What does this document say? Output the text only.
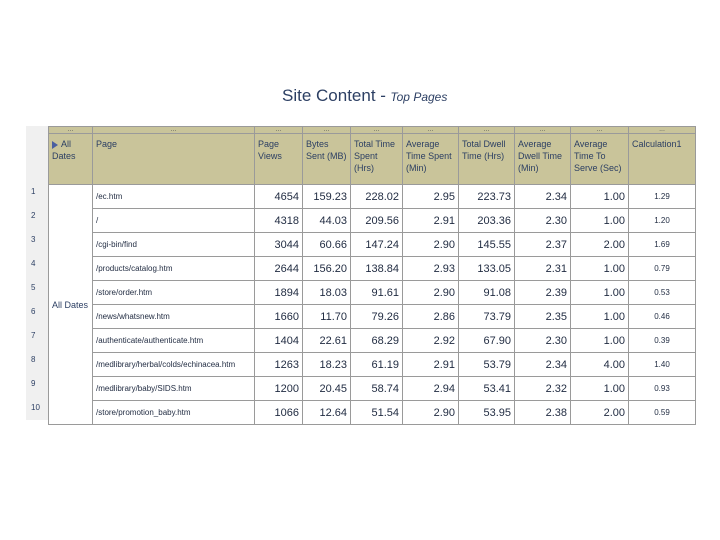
Site Content - Top Pages
1
2
3
4
5
6
7
8
9
10
...	...	...	...	...	...	...	...	...	...
All Dates	Page	Page Views	Bytes Sent (MB)	Total Time Spent (Hrs)	Average Time Spent (Min)	Total Dwell Time (Hrs)	Average Dwell Time (Min)	Average Time To Serve (Sec)	Calculation1
All Dates	/ec.htm	4654	159.23	228.02	2.95	223.73	2.34	1.00	1.29
	/	4318	44.03	209.56	2.91	203.36	2.30	1.00	1.20
	/cgi-bin/find	3044	60.66	147.24	2.90	145.55	2.37	2.00	1.69
	/products/catalog.htm	2644	156.20	138.84	2.93	133.05	2.31	1.00	0.79
	/store/order.htm	1894	18.03	91.61	2.90	91.08	2.39	1.00	0.53
	/news/whatsnew.htm	1660	11.70	79.26	2.86	73.79	2.35	1.00	0.46
	/authenticate/authenticate.htm	1404	22.61	68.29	2.92	67.90	2.30	1.00	0.39
	/medlibrary/herbal/colds/echinacea.htm	1263	18.23	61.19	2.91	53.79	2.34	4.00	1.40
	/medlibrary/baby/SIDS.htm	1200	20.45	58.74	2.94	53.41	2.32	1.00	0.93
	/store/promotion_baby.htm	1066	12.64	51.54	2.90	53.95	2.38	2.00	0.59
